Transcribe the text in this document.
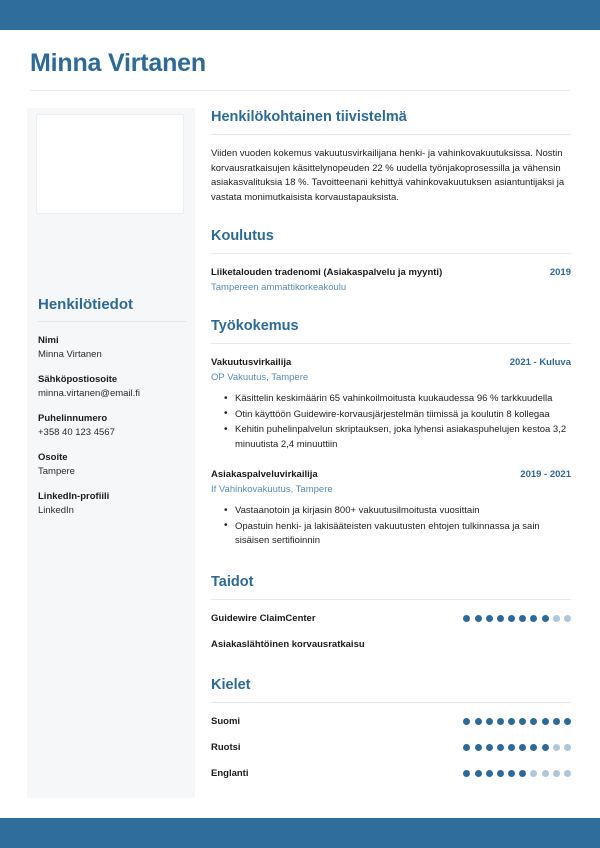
Minna Virtanen
Henkilötiedot
Nimi
Minna Virtanen
Sähköpostiosoite
minna.virtanen@email.fi
Puhelinnumero
+358 40 123 4567
Osoite
Tampere
LinkedIn-profiili
LinkedIn
Henkilökohtainen tiivistelmä

Viiden vuoden kokemus vakuutusvirkailijana henki- ja vahinkovakuutuksissa. Nostin korvausratkaisujen käsittelynopeuden 22 % uudella työnjakoprosessilla ja vähensin asiakasvalituksia 18 %. Tavoitteenani kehittyä vahinkovakuutuksen asiantuntijaksi ja vastata monimutkaisista korvaustapauksista.

Koulutus
Liiketalouden tradenomi (Asiakaspalvelu ja myynti)	2019
Tampereen ammattikorkeakoulu
Työkokemus
Vakuutusvirkailija	2021 - Kuluva
OP Vakuutus, Tampere
• Käsittelin keskimäärin 65 vahinkoilmoitusta kuukaudessa 96 % tarkkuudella
• Otin käyttöön Guidewire-korvausjärjestelmän tiimissä ja koulutin 8 kollegaa
• Kehitin puhelinpalvelun skriptauksen, joka lyhensi asiakaspuhelujen kestoa 3,2 minuutista 2,4 minuuttiin
Asiakaspalveluvirkailija	2019 - 2021
If Vahinkovakuutus, Tampere
• Vastaanotoin ja kirjasin 800+ vakuutusilmoitusta vuosittain
• Opastuin henki- ja lakisääteisten vakuutusten ehtojen tulkinnassa ja sain sisäisen sertifioinnin
Taidot
Guidewire ClaimCenter
Asiakaslähtöinen korvausratkaisu
Kielet
Suomi
Ruotsi
Englanti
